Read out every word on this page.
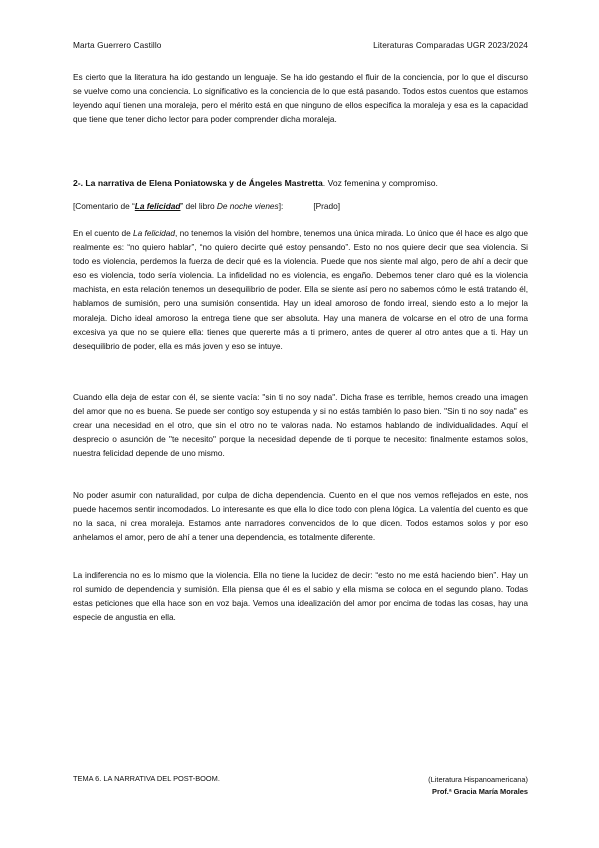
Marta Guerrero Castillo	Literaturas Comparadas UGR 2023/2024

Es cierto que la literatura ha ido gestando un lenguaje. Se ha ido gestando el fluir de la conciencia, por lo que el discurso se vuelve como una conciencia. Lo significativo es la conciencia de lo que está pasando. Todos estos cuentos que estamos leyendo aquí tienen una moraleja, pero el mérito está en que ninguno de ellos especifica la moraleja y esa es la capacidad que tiene que tener dicho lector para poder comprender dicha moraleja.

2-. La narrativa de Elena Poniatowska y de Ángeles Mastretta. Voz femenina y compromiso.
[Comentario de “La felicidad” del libro De noche vienes]:	[Prado]

En el cuento de La felicidad, no tenemos la visión del hombre, tenemos una única mirada. Lo único que él hace es algo que realmente es: “no quiero hablar”, “no quiero decirte qué estoy pensando”. Esto no nos quiere decir que sea violencia. Si todo es violencia, perdemos la fuerza de decir qué es la violencia. Puede que nos siente mal algo, pero de ahí a decir que eso es violencia, todo sería violencia. La infidelidad no es violencia, es engaño. Debemos tener claro qué es la violencia machista, en esta relación tenemos un desequilibrio de poder. Ella se siente así pero no sabemos cómo le está tratando él, hablamos de sumisión, pero una sumisión consentida. Hay un ideal amoroso de fondo irreal, siendo esto a lo mejor la moraleja. Dicho ideal amoroso la entrega tiene que ser absoluta. Hay una manera de volcarse en el otro de una forma excesiva ya que no se quiere ella: tienes que quererte más a ti primero, antes de querer al otro antes que a ti. Hay un desequilibrio de poder, ella es más joven y eso se intuye.

Cuando ella deja de estar con él, se siente vacía: "sin ti no soy nada". Dicha frase es terrible, hemos creado una imagen del amor que no es buena. Se puede ser contigo soy estupenda y si no estás también lo paso bien. "Sin ti no soy nada" es crear una necesidad en el otro, que sin el otro no te valoras nada. No estamos hablando de individualidades. Aquí el desprecio o asunción de "te necesito" porque la necesidad depende de ti porque te necesito: finalmente estamos solos, nuestra felicidad depende de uno mismo.

No poder asumir con naturalidad, por culpa de dicha dependencia. Cuento en el que nos vemos reflejados en este, nos puede hacemos sentir incomodados. Lo interesante es que ella lo dice todo con plena lógica. La valentía del cuento es que no la saca, ni crea moraleja. Estamos ante narradores convencidos de lo que dicen. Todos estamos solos y por eso anhelamos el amor, pero de ahí a tener una dependencia, es totalmente diferente.

La indiferencia no es lo mismo que la violencia. Ella no tiene la lucidez de decir: “esto no me está haciendo bien”. Hay un rol sumido de dependencia y sumisión. Ella piensa que él es el sabio y ella misma se coloca en el segundo plano. Todas estas peticiones que ella hace son en voz baja. Vemos una idealización del amor por encima de todas las cosas, hay una especie de angustia en ella.

TEMA 6. LA NARRATIVA DEL POST-BOOM.	(Literatura Hispanoamericana)
Prof.ª Gracia María Morales
